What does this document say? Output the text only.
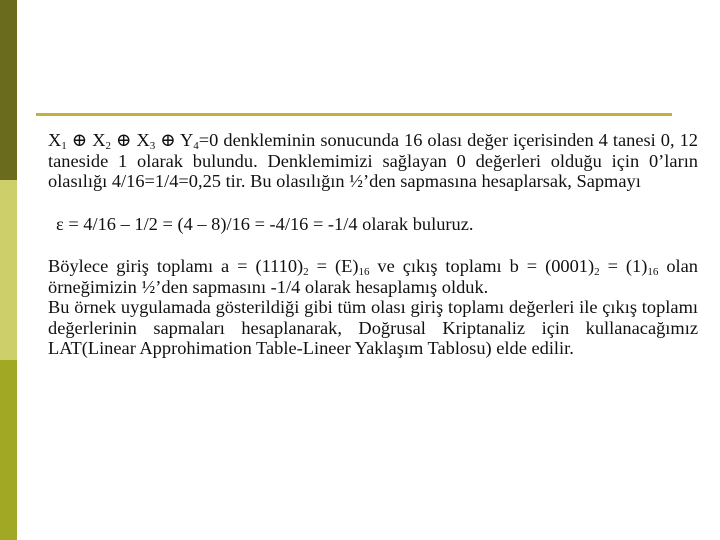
$X_1$ ⊕ $X_2$ ⊕ $X_3$ ⊕ $Y_4=0$ denkleminin sonucunda 16 olası değer içerisinden 4 tanesi 0, 12 taneside 1 olarak bulundu. Denklemimizi sağlayan 0 değerleri olduğu için 0’ların olasılığı 4/16=1/4=0,25 tir. Bu olasılığın ½’den sapmasına hesaplarsak, Sapmayı

ε = 4/16 – 1/2 = (4 – 8)/16 = -4/16 = -1/4 olarak buluruz.

Böylece giriş toplamı $a = (1110)_2 = (E)_{16}$ ve çıkış toplamı $b = (0001)_2 = (1)_{16}$ olan örneğimizin ½’den sapmasını -1/4 olarak hesaplamış olduk.

Bu örnek uygulamada gösterildiği gibi tüm olası giriş toplamı değerleri ile çıkış toplamı değerlerinin sapmaları hesaplanarak, Doğrusal Kriptanaliz için kullanacağımız LAT(Linear Approhimation Table-Lineer Yaklaşım Tablosu) elde edilir.
